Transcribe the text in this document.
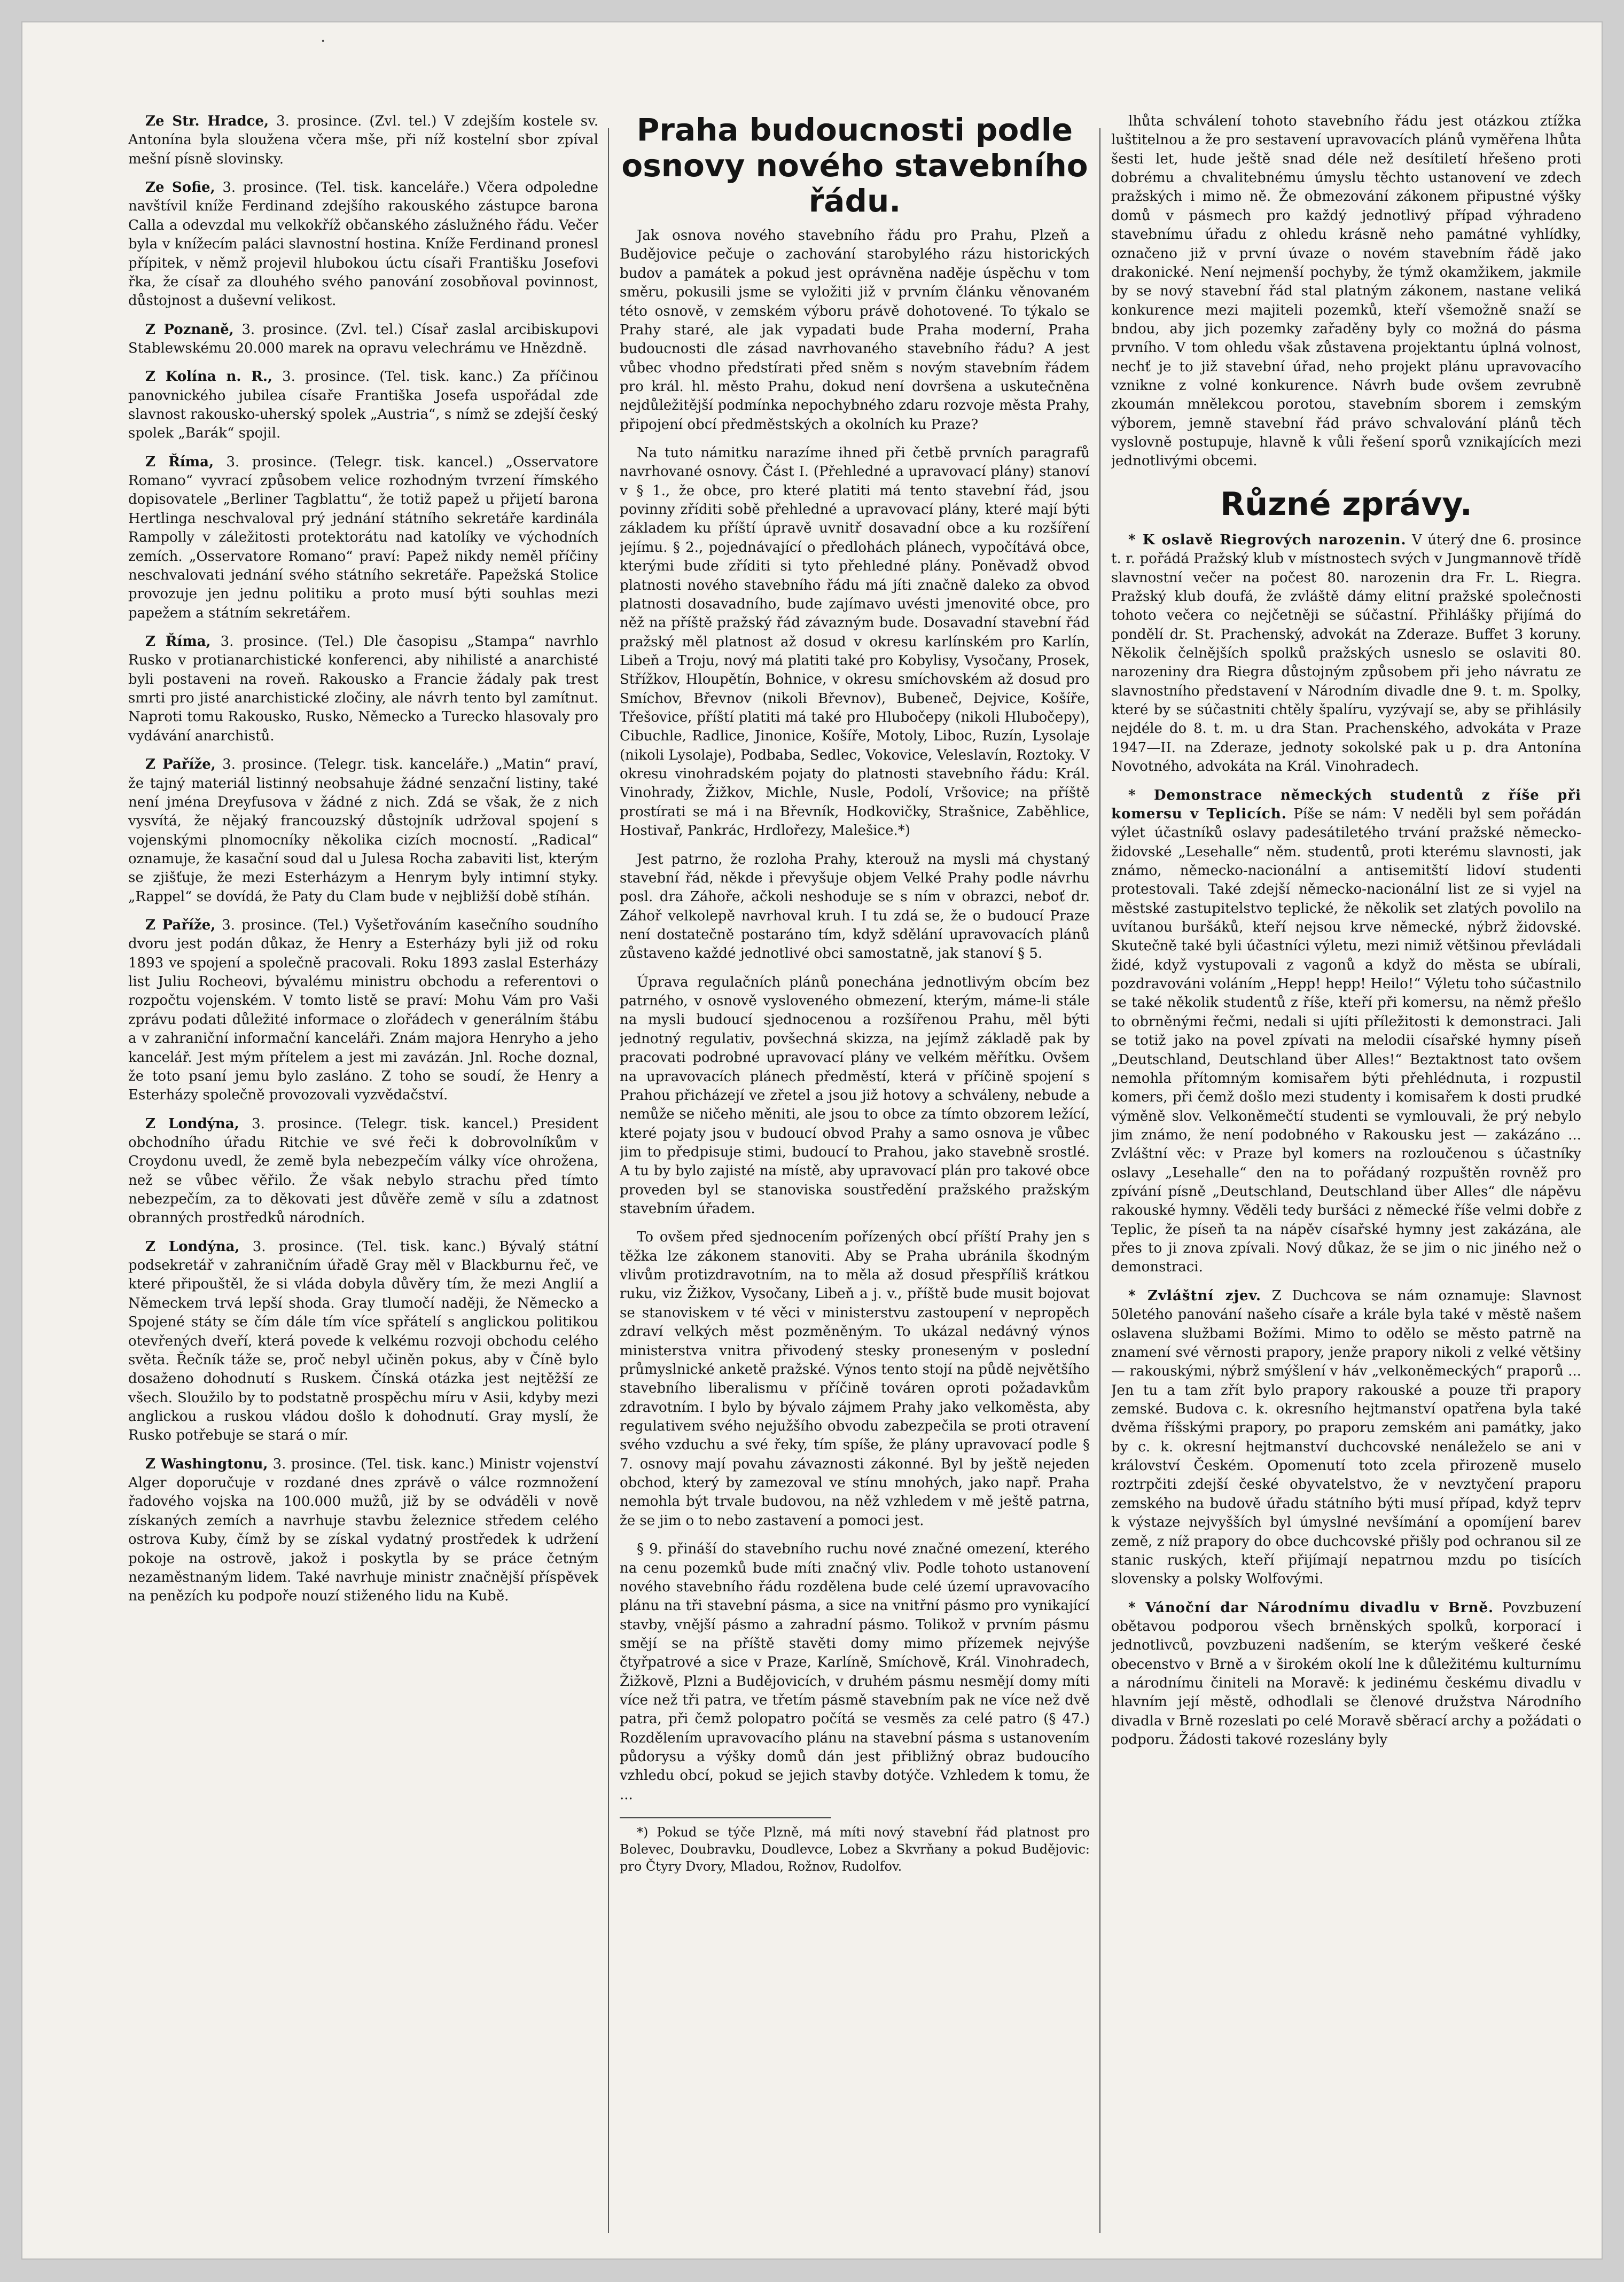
·

Ze Str. Hradce, 3. prosince. (Zvl. tel.) V zdejším kostele sv. Antonína byla sloužena včera mše, při níž kostelní sbor zpíval mešní písně slovinsky.

Ze Sofie, 3. prosince. (Tel. tisk. kanceláře.) Včera odpoledne navštívil kníže Ferdinand zdejšího rakouského zástupce barona Calla a odevzdal mu velkokříž občanského záslužného řádu. Večer byla v knížecím paláci slavnostní hostina. Kníže Ferdinand pronesl přípitek, v němž projevil hlubokou úctu císaři Františku Josefovi řka, že císař za dlouhého svého panování zosobňoval povinnost, důstojnost a duševní velikost.

Z Poznaně, 3. prosince. (Zvl. tel.) Císař zaslal arcibiskupovi Stablewskému 20.000 marek na opravu velechrámu ve Hnězdně.

Z Kolína n. R., 3. prosince. (Tel. tisk. kanc.) Za příčinou panovnického jubilea císaře Františka Josefa uspořádal zde slavnost rakousko-uherský spolek „Austria“, s nímž se zdejší český spolek „Barák“ spojil.

Z Říma, 3. prosince. (Telegr. tisk. kancel.) „Osservatore Romano“ vyvrací způsobem velice rozhodným tvrzení římského dopisovatele „Berliner Tagblattu“, že totiž papež u přijetí barona Hertlinga neschvaloval prý jednání státního sekretáře kardinála Rampolly v záležitosti protektorátu nad katolíky ve východních zemích. „Osservatore Romano“ praví: Papež nikdy neměl příčiny neschvalovati jednání svého státního sekretáře. Papežská Stolice provozuje jen jednu politiku a proto musí býti souhlas mezi papežem a státním sekretářem.

Z Říma, 3. prosince. (Tel.) Dle časopisu „Stampa“ navrhlo Rusko v protianarchistické konferenci, aby nihilisté a anarchisté byli postaveni na roveň. Rakousko a Francie žádaly pak trest smrti pro jisté anarchistické zločiny, ale návrh tento byl zamítnut. Naproti tomu Rakousko, Rusko, Německo a Turecko hlasovaly pro vydávání anarchistů.

Z Paříže, 3. prosince. (Telegr. tisk. kanceláře.) „Matin“ praví, že tajný materiál listinný neobsahuje žádné senzační listiny, také není jména Dreyfusova v žádné z nich. Zdá se však, že z nich vysvítá, že nějaký francouzský důstojník udržoval spojení s vojenskými plnomocníky několika cizích mocností. „Radical“ oznamuje, že kasační soud dal u Julesa Rocha zabaviti list, kterým se zjišťuje, že mezi Esterházym a Henrym byly intimní styky. „Rappel“ se dovídá, že Paty du Clam bude v nejbližší době stíhán.

Z Paříže, 3. prosince. (Tel.) Vyšetřováním kasečního soudního dvoru jest podán důkaz, že Henry a Esterházy byli již od roku 1893 ve spojení a společně pracovali. Roku 1893 zaslal Esterházy list Juliu Rocheovi, bývalému ministru obchodu a referentovi o rozpočtu vojenském. V tomto listě se praví: Mohu Vám pro Vaši zprávu podati důležité informace o zlořádech v generálním štábu a v zahraniční informační kanceláři. Znám majora Henryho a jeho kancelář. Jest mým přítelem a jest mi zavázán. Jnl. Roche doznal, že toto psaní jemu bylo zasláno. Z toho se soudí, že Henry a Esterházy společně provozovali vyzvědačství.

Z Londýna, 3. prosince. (Telegr. tisk. kancel.) President obchodního úřadu Ritchie ve své řeči k dobrovolníkům v Croydonu uvedl, že země byla nebezpečím války více ohrožena, než se vůbec věřilo. Že však nebylo strachu před tímto nebezpečím, za to děkovati jest důvěře země v sílu a zdatnost obranných prostředků národních.

Z Londýna, 3. prosince. (Tel. tisk. kanc.) Bývalý státní podsekretář v zahraničním úřadě Gray měl v Blackburnu řeč, ve které připouštěl, že si vláda dobyla důvěry tím, že mezi Anglií a Německem trvá lepší shoda. Gray tlumočí naději, že Německo a Spojené státy se čím dále tím více spřátelí s anglickou politikou otevřených dveří, která povede k velkému rozvoji obchodu celého světa. Řečník táže se, proč nebyl učiněn pokus, aby v Číně bylo dosaženo dohodnutí s Ruskem. Čínská otázka jest nejtěžší ze všech. Sloužilo by to podstatně prospěchu míru v Asii, kdyby mezi anglickou a ruskou vládou došlo k dohodnutí. Gray myslí, že Rusko potřebuje se stará o mír.

Z Washingtonu, 3. prosince. (Tel. tisk. kanc.) Ministr vojenství Alger doporučuje v rozdané dnes zprávě o válce rozmnožení řadového vojska na 100.000 mužů, již by se odváděli v nově získaných zemích a navrhuje stavbu železnice středem celého ostrova Kuby, čímž by se získal vydatný prostředek k udržení pokoje na ostrově, jakož i poskytla by se práce četným nezaměstnaným lidem. Také navrhuje ministr značnější příspěvek na penězích ku podpoře nouzí stiženého lidu na Kubě.

Praha budoucnosti podle osnovy nového stavebního řádu.

Jak osnova nového stavebního řádu pro Prahu, Plzeň a Budějovice pečuje o zachování starobylého rázu historických budov a památek a pokud jest oprávněna naděje úspěchu v tom směru, pokusili jsme se vyložiti již v prvním článku věnovaném této osnově, v zemském výboru právě dohotovené. To týkalo se Prahy staré, ale jak vypadati bude Praha moderní, Praha budoucnosti dle zásad navrhovaného stavebního řádu? A jest vůbec vhodno předstírati před sněm s novým stavebním řádem pro král. hl. město Prahu, dokud není dovršena a uskutečněna nejdůležitější podmínka nepochybného zdaru rozvoje města Prahy, připojení obcí předměstských a okolních ku Praze?

Na tuto námitku narazíme ihned při četbě prvních paragrafů navrhované osnovy. Část I. (Přehledné a upravovací plány) stanoví v § 1., že obce, pro které platiti má tento stavební řád, jsou povinny zříditi sobě přehledné a upravovací plány, které mají býti základem ku příští úpravě uvnitř dosavadní obce a ku rozšíření jejímu. § 2., pojednávající o předlohách plánech, vypočítává obce, kterými bude zříditi si tyto přehledné plány. Poněvadž obvod platnosti nového stavebního řádu má jíti značně daleko za obvod platnosti dosavadního, bude zajímavo uvésti jmenovité obce, pro něž na příště pražský řád závazným bude. Dosavadní stavební řád pražský měl platnost až dosud v okresu karlínském pro Karlín, Libeň a Troju, nový má platiti také pro Kobylisy, Vysočany, Prosek, Střížkov, Hloupětín, Bohnice, v okresu smíchovském až dosud pro Smíchov, Břevnov (nikoli Břevnov), Bubeneč, Dejvice, Košíře, Třešovice, příští platiti má také pro Hlubočepy (nikoli Hlubočepy), Cibuchle, Radlice, Jinonice, Košíře, Motoly, Liboc, Ruzín, Lysolaje (nikoli Lysolaje), Podbaba, Sedlec, Vokovice, Veleslavín, Roztoky. V okresu vinohradském pojaty do platnosti stavebního řádu: Král. Vinohrady, Žižkov, Michle, Nusle, Podolí, Vršovice; na příště prostírati se má i na Břevník, Hodkovičky, Strašnice, Zaběhlice, Hostivař, Pankrác, Hrdlořezy, Malešice.*)

Jest patrno, že rozloha Prahy, kterouž na mysli má chystaný stavební řád, někde i převyšuje objem Velké Prahy podle návrhu posl. dra Záhoře, ačkoli neshoduje se s ním v obrazci, neboť dr. Záhoř velkolepě navrhoval kruh. I tu zdá se, že o budoucí Praze není dostatečně postaráno tím, když sdělání upravovacích plánů zůstaveno každé jednotlivé obci samostatně, jak stanoví § 5.

Úprava regulačních plánů ponechána jednotlivým obcím bez patrného, v osnově vysloveného obmezení, kterým, máme-li stále na mysli budoucí sjednocenou a rozšířenou Prahu, měl býti jednotný regulativ, povšechná skizza, na jejímž základě pak by pracovati podrobné upravovací plány ve velkém měřítku. Ovšem na upravovacích plánech předměstí, která v příčině spojení s Prahou přicházejí ve zřetel a jsou již hotovy a schváleny, nebude a nemůže se ničeho měniti, ale jsou to obce za tímto obzorem ležící, které pojaty jsou v budoucí obvod Prahy a samo osnova je vůbec jim to předpisuje stimi, budoucí to Prahou, jako stavebně srostlé. A tu by bylo zajisté na místě, aby upravovací plán pro takové obce proveden byl se stanoviska soustředění pražského pražským stavebním úřadem.

To ovšem před sjednocením pořízených obcí příští Prahy jen s těžka lze zákonem stanoviti. Aby se Praha ubránila škodným vlivům protizdravotním, na to měla až dosud přespříliš krátkou ruku, viz Žižkov, Vysočany, Libeň a j. v., příště bude musit bojovat se stanoviskem v té věci v ministerstvu zastoupení v nepropěch zdraví velkých měst pozměněným. To ukázal nedávný výnos ministerstva vnitra přivodený stesky proneseným v poslední průmyslnické anketě pražské. Výnos tento stojí na půdě největšího stavebního liberalismu v příčině továren oproti požadavkům zdravotním. I bylo by bývalo zájmem Prahy jako velkoměsta, aby regulativem svého nejužšího obvodu zabezpečila se proti otravení svého vzduchu a své řeky, tím spíše, že plány upravovací podle § 7. osnovy mají povahu závaznosti zákonné. Byl by ještě nejeden obchod, který by zamezoval ve stínu mnohých, jako např. Praha nemohla být trvale budovou, na něž vzhledem v mě ještě patrna, že se jim o to nebo zastavení a pomoci jest.

§ 9. přináší do stavebního ruchu nové značné omezení, kterého na cenu pozemků bude míti značný vliv. Podle tohoto ustanovení nového stavebního řádu rozdělena bude celé území upravovacího plánu na tři stavební pásma, a sice na vnitřní pásmo pro vynikající stavby, vnější pásmo a zahradní pásmo. Tolikož v prvním pásmu smějí se na příště stavěti domy mimo přízemek nejvýše čtyřpatrové a sice v Praze, Karlíně, Smíchově, Král. Vinohradech, Žižkově, Plzni a Budějovicích, v druhém pásmu nesmějí domy míti více než tři patra, ve třetím pásmě stavebním pak ne více než dvě patra, při čemž polopatro počítá se vesměs za celé patro (§ 47.) Rozdělením upravovacího plánu na stavební pásma s ustanovením půdorysu a výšky domů dán jest přibližný obraz budoucího vzhledu obcí, pokud se jejich stavby dotýče. Vzhledem k tomu, že ...

*) Pokud se týče Plzně, má míti nový stavební řád platnost pro Bolevec, Doubravku, Doudlevce, Lobez a Skvrňany a pokud Budějovic: pro Čtyry Dvory, Mladou, Rožnov, Rudolfov.

lhůta schválení tohoto stavebního řádu jest otázkou ztížka luštitelnou a že pro sestavení upravovacích plánů vyměřena lhůta šesti let, hude ještě snad déle než desítiletí hřešeno proti dobrému a chvalitebnému úmyslu těchto ustanovení ve zdech pražských i mimo ně. Že obmezování zákonem připustné výšky domů v pásmech pro každý jednotlivý případ výhradeno stavebnímu úřadu z ohledu krásně neho památné vyhlídky, označeno již v první úvaze o novém stavebním řádě jako drakonické. Není nejmenší pochyby, že týmž okamžikem, jakmile by se nový stavební řád stal platným zákonem, nastane veliká konkurence mezi majiteli pozemků, kteří všemožně snaží se bndou, aby jich pozemky zařaděny byly co možná do pásma prvního. V tom ohledu však zůstavena projektantu úplná volnost, nechť je to již stavební úřad, neho projekt plánu upravovacího vznikne z volné konkurence. Návrh bude ovšem zevrubně zkoumán mnělekcou porotou, stavebním sborem i zemským výborem, jemně stavební řád právo schvalování plánů těch vyslovně postupuje, hlavně k vůli řešení sporů vznikajících mezi jednotlivými obcemi.

Různé zprávy.

* K oslavě Riegrových narozenin. V úterý dne 6. prosince t. r. pořádá Pražský klub v místnostech svých v Jungmannově třídě slavnostní večer na počest 80. narozenin dra Fr. L. Riegra. Pražský klub doufá, že zvláště dámy elitní pražské společnosti tohoto večera co nejčetněji se súčastní. Přihlášky přijímá do pondělí dr. St. Prachenský, advokát na Zderaze. Buffet 3 koruny. Několik čelnějších spolků pražských usneslo se oslaviti 80. narozeniny dra Riegra důstojným způsobem při jeho návratu ze slavnostního představení v Národním divadle dne 9. t. m. Spolky, které by se súčastniti chtěly špalíru, vyzývají se, aby se přihlásily nejdéle do 8. t. m. u dra Stan. Prachenského, advokáta v Praze 1947—II. na Zderaze, jednoty sokolské pak u p. dra Antonína Novotného, advokáta na Král. Vinohradech.

* Demonstrace německých studentů z říše při komersu v Teplicích. Píše se nám: V neděli byl sem pořádán výlet účastníků oslavy padesátiletého trvání pražské německo-židovské „Lesehalle“ něm. studentů, proti kterému slavnosti, jak známo, německo-nacionální a antisemitští lidoví studenti protestovali. Také zdejší německo-nacionální list ze si vyjel na městské zastupitelstvo teplické, že několik set zlatých povolilo na uvítanou buršáků, kteří nejsou krve německé, nýbrž židovské. Skutečně také byli účastníci výletu, mezi nimiž většinou převládali židé, když vystupovali z vagonů a když do města se ubírali, pozdravováni voláním „Hepp! hepp! Heilo!“ Výletu toho súčastnilo se také několik studentů z říše, kteří při komersu, na němž přešlo to obrněnými řečmi, nedali si ujíti příležitosti k demonstraci. Jali se totiž jako na povel zpívati na melodii císařské hymny píseň „Deutschland, Deutschland über Alles!“ Beztaktnost tato ovšem nemohla přítomným komisařem býti přehlédnuta, i rozpustil komers, při čemž došlo mezi studenty i komisařem k dosti prudké výměně slov. Velkoněmečtí studenti se vymlouvali, že prý nebylo jim známo, že není podobného v Rakousku jest — zakázáno ... Zvláštní věc: v Praze byl komers na rozloučenou s účastníky oslavy „Lesehalle“ den na to pořádaný rozpuštěn rovněž pro zpívání písně „Deutschland, Deutschland über Alles“ dle nápěvu rakouské hymny. Věděli tedy buršáci z německé říše velmi dobře z Teplic, že píseň ta na nápěv císařské hymny jest zakázána, ale přes to ji znova zpívali. Nový důkaz, že se jim o nic jiného než o demonstraci.

* Zvláštní zjev. Z Duchcova se nám oznamuje: Slavnost 50letého panování našeho císaře a krále byla také v městě našem oslavena službami Božími. Mimo to odělo se město patrně na znamení své věrnosti prapory, jenže prapory nikoli z velké většiny — rakouskými, nýbrž smýšlení v háv „velkoněmeckých“ praporů ... Jen tu a tam zřít bylo prapory rakouské a pouze tři prapory zemské. Budova c. k. okresního hejtmanství opatřena byla také dvěma říšskými prapory, po praporu zemském ani památky, jako by c. k. okresní hejtmanství duchcovské nenáleželo se ani v království Českém. Opomenutí toto zcela přirozeně muselo roztrpčiti zdejší české obyvatelstvo, že v nevztyčení praporu zemského na budově úřadu státního býti musí případ, když teprv k výstaze nejvyšších byl úmyslné nevšímání a opomíjení barev země, z níž prapory do obce duchcovské přišly pod ochranou sil ze stanic ruských, kteří přijímají nepatrnou mzdu po tisících slovensky a polsky Wolfovými.

* Vánoční dar Národnímu divadlu v Brně. Povzbuzení obětavou podporou všech brněnských spolků, korporací i jednotlivců, povzbuzeni nadšením, se kterým veškeré české obecenstvo v Brně a v širokém okolí lne k důležitému kulturnímu a národnímu činiteli na Moravě: k jedinému českému divadlu v hlavním její městě, odhodlali se členové družstva Národního divadla v Brně rozeslati po celé Moravě sběrací archy a požádati o podporu. Žádosti takové rozeslány byly
